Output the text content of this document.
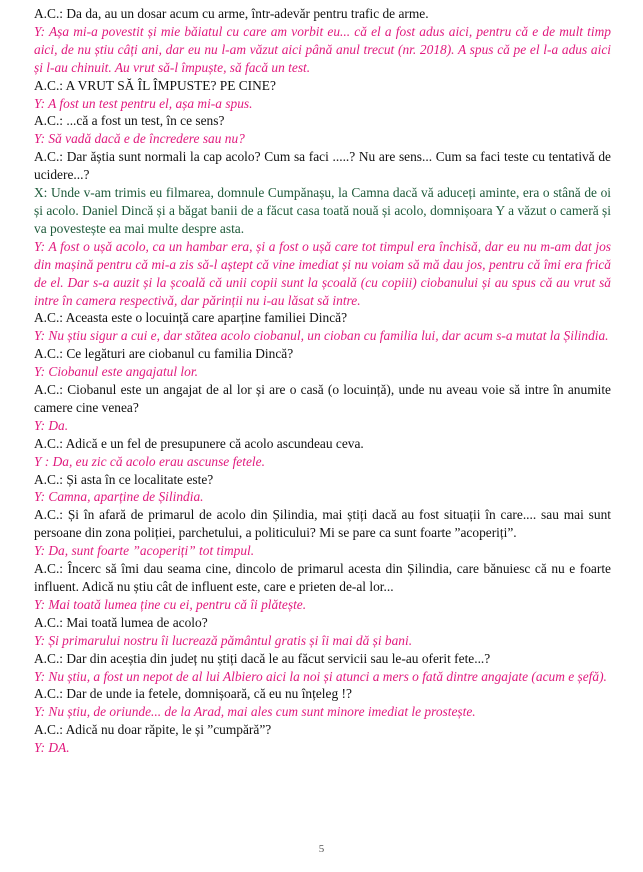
A.C.: Da da, au un dosar acum cu arme, într-adevăr pentru trafic de arme.

Y: Așa mi-a povestit și mie băiatul cu care am vorbit eu... că el a fost adus aici, pentru că e de mult timp aici, de nu știu câți ani, dar eu nu l-am văzut aici până anul trecut (nr. 2018). A spus că pe el l-a adus aici și l-au chinuit. Au vrut să-l împuște, să facă un test.

A.C.: A VRUT SĂ ÎL ÎMPUSTE? PE CINE?

Y: A fost un test pentru el, așa mi-a spus.

A.C.: ...că a fost un test, în ce sens?

Y: Să vadă dacă e de încredere sau nu?

A.C.: Dar ăștia sunt normali la cap acolo? Cum sa faci .....? Nu are sens... Cum sa faci teste cu tentativă de ucidere...?

X: Unde v-am trimis eu filmarea, domnule Cumpănașu, la Camna dacă vă aduceți aminte, era o stână de oi și acolo. Daniel Dincă și a băgat banii de a făcut casa toată nouă și acolo, domnișoara Y a văzut o cameră și va povestește ea mai multe despre asta.

Y: A fost o ușă acolo, ca un hambar era, și a fost o ușă care tot timpul era închisă, dar eu nu m-am dat jos din mașină pentru că mi-a zis să-l aștept că vine imediat și nu voiam să mă dau jos, pentru că îmi era frică de el. Dar s-a auzit și la școală că unii copii sunt la școală (cu copiii) ciobanului și au spus că au vrut să intre în camera respectivă, dar părinții nu i-au lăsat să intre.

A.C.: Aceasta este o locuință care aparține familiei Dincă?

Y: Nu știu sigur a cui e, dar stătea acolo ciobanul, un cioban cu familia lui, dar acum s-a mutat la Șilindia.

A.C.: Ce legături are ciobanul cu familia Dincă?

Y: Ciobanul este angajatul lor.

A.C.: Ciobanul este un angajat de al lor și are o casă (o locuință), unde nu aveau voie să intre în anumite camere cine venea?

Y: Da.

A.C.: Adică e un fel de presupunere că acolo ascundeau ceva.

Y : Da, eu zic că acolo erau ascunse fetele.

A.C.: Și asta în ce localitate este?

Y: Camna, aparține de Șilindia.

A.C.: Și în afară de primarul de acolo din Șilindia, mai știți dacă au fost situații în care.... sau mai sunt persoane din zona poliției, parchetului, a politicului? Mi se pare ca sunt foarte ”acoperiți”.

Y: Da, sunt foarte ”acoperiți” tot timpul.

A.C.: Încerc să îmi dau seama cine, dincolo de primarul acesta din Șilindia, care bănuiesc că nu e foarte influent. Adică nu știu cât de influent este, care e prieten de-al lor...

Y: Mai toată lumea ține cu ei, pentru că îi plătește.

A.C.: Mai toată lumea de acolo?

Y: Și primarului nostru îi lucrează pământul gratis și îi mai dă și bani.

A.C.: Dar din aceștia din județ nu știți dacă le au făcut servicii sau le-au oferit fete...?

Y: Nu știu, a fost un nepot de al lui Albiero aici la noi și atunci a mers o fată dintre angajate (acum e șefă).

A.C.: Dar de unde ia fetele, domnișoară, că eu nu înțeleg !?

Y: Nu știu, de oriunde... de la Arad, mai ales cum sunt minore imediat le prostește.

A.C.: Adică nu doar răpite, le și ”cumpără”?

Y: DA.

5
